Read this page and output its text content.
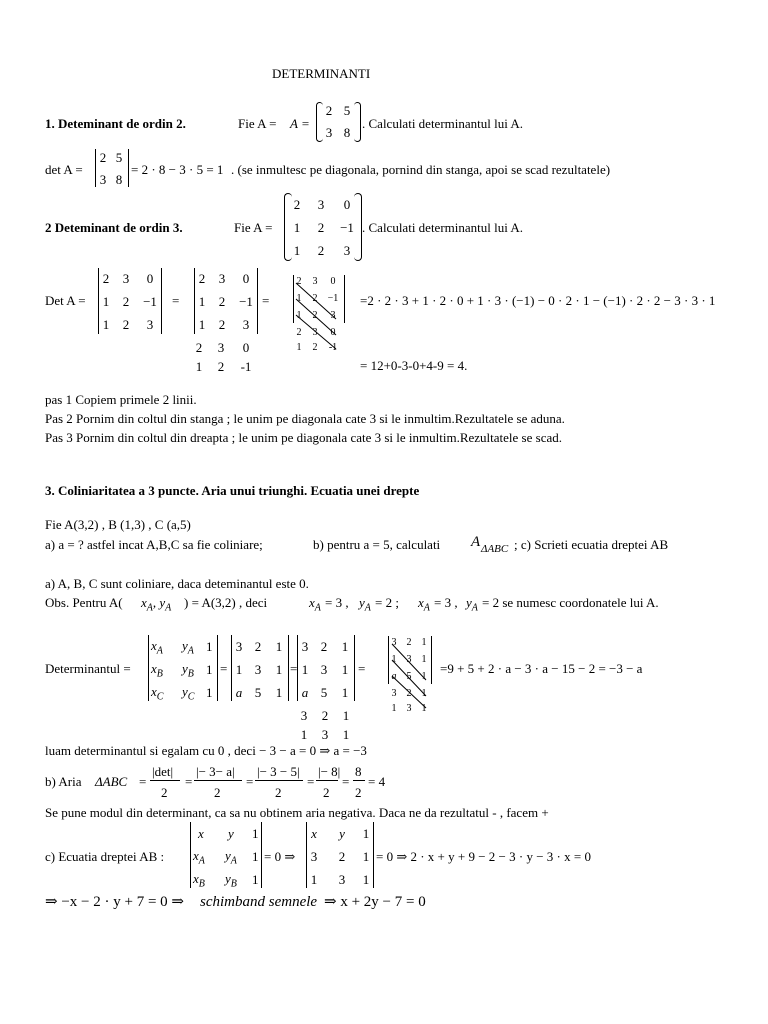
DETERMINANTI
1. Deteminant de ordin 2.	Fie A = A =
2 5
3 8
. Calculati determinantul lui A.
det A =
2 5
3 8
= 2 · 8 − 3 · 5 = 1 . (se inmultesc pe diagonala, pornind din stanga, apoi se scad rezultatele)
2 Deteminant de ordin 3.	Fie A =
2 3	0
1 2	−1
1 2	3
. Calculati determinantul lui A.
Det A =
2 3	0
1 2 −1
1 2	3
=
2 3	0
1 2 −1
1 2	3
=
2 3	0
1 2	-1
2 3	0
1 2 −1
1 2	3
2 3	0
1 2 -1
=2 · 2 · 3 + 1 · 2 · 0 + 1 · 3 · (−1) − 0 · 2 · 1 − (−1) · 2 · 2 − 3 · 3 · 1
= 12+0-3-0+4-9 = 4.
pas 1 Copiem primele 2 linii.
Pas 2 Pornim din coltul din stanga ; le unim pe diagonala cate 3 si le inmultim.Rezultatele se aduna.
Pas 3 Pornim din coltul din dreapta ; le unim pe diagonala cate 3 si le inmultim.Rezultatele se scad.
3. Coliniaritatea a 3 puncte. Aria unui triunghi. Ecuatia unei drepte
Fie A(3,2) , B (1,3) , C (a,5)
a) a = ? astfel incat A,B,C sa fie coliniare;	b) pentru a = 5, calculati A ΔABC ; c) Scrieti ecuatia dreptei AB
a) A, B, C sunt coliniare, daca deteminantul este 0.
Obs. Pentru A( $x_A$, $y_A$ ) = A(3,2) , deci	$x_A = 3$ , $y_A = 2$ ; $x_A = 3$ , $y_A = 2$ se numesc coordonatele lui A.
Determinantul =
$x_A$ $y_A$ 1
$x_B$ $y_B$ 1
$x_C$ $y_C$ 1
=
3 2 1
1 3 1
a 5 1
=
3 2 1
1 3 1
a 5 1
=
3 2 1
1 3 1
3 2 1
1 3 1
a 5 1
3 2 1
1 3 1
=9 + 5 + 2 · a − 3 · a − 15 − 2 = −3 − a
luam determinantul si egalam cu 0 , deci − 3 − a = 0 ⇒ a = −3
b) Aria ΔABC =
|det|
2
=
|− 3− a|
2
=
|− 3 − 5|
2
=
|− 8|
2
=
8
2
= 4
Se pune modul din determinant, ca sa nu obtinem aria negativa. Daca ne da rezultatul - , facem +
c) Ecuatia dreptei AB :
x y 1
$x_A$ $y_A$ 1
$x_B$ $y_B$ 1
= 0 ⇒
x y 1
3 2 1
1 3 1
= 0 ⇒ 2 · x + y + 9 − 2 − 3 · y − 3 · x = 0
⇒ −x − 2 · y + 7 = 0 ⇒ schimband semnele ⇒ x + 2y − 7 = 0
